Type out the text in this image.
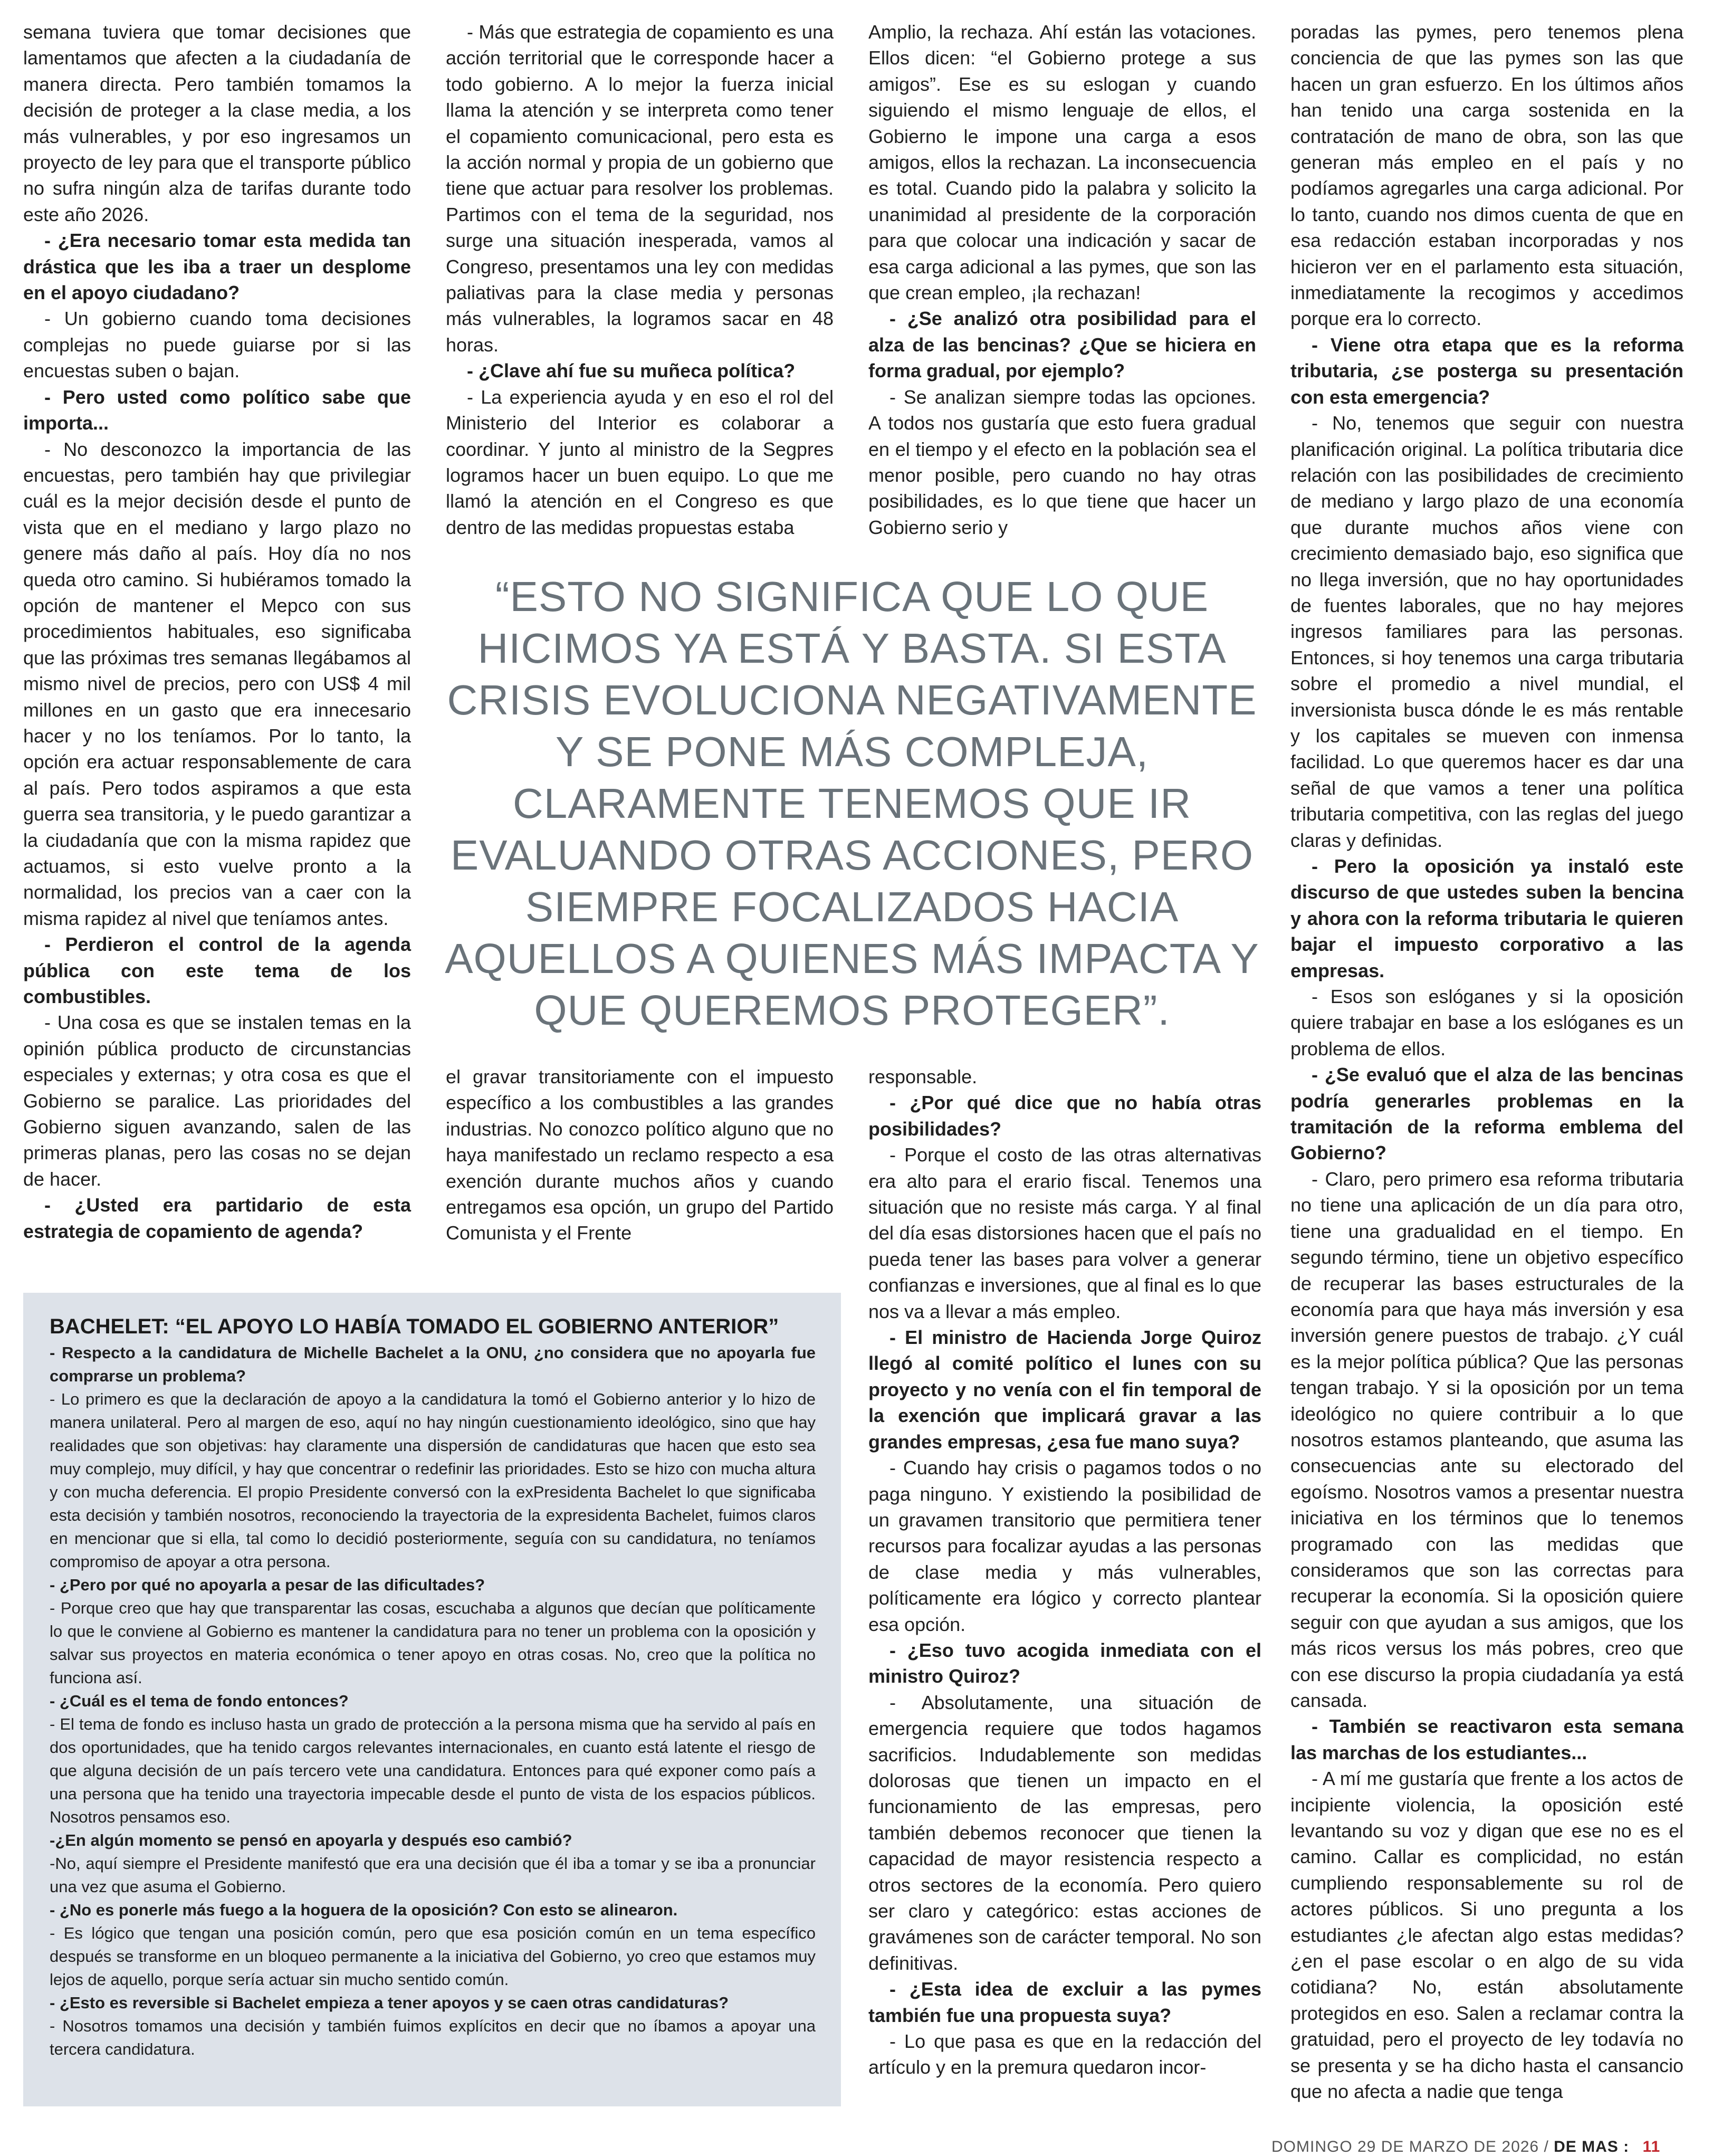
semana tuviera que tomar decisiones que lamentamos que afecten a la ciudadanía de manera directa. Pero también tomamos la decisión de proteger a la clase media, a los más vulnerables, y por eso ingresamos un proyecto de ley para que el transporte público no sufra ningún alza de tarifas durante todo este año 2026.

- ¿Era necesario tomar esta medida tan drástica que les iba a traer un desplome en el apoyo ciudadano?

- Un gobierno cuando toma decisiones complejas no puede guiarse por si las encuestas suben o bajan.

- Pero usted como político sabe que importa...

- No desconozco la importancia de las encuestas, pero también hay que privilegiar cuál es la mejor decisión desde el punto de vista que en el mediano y largo plazo no genere más daño al país. Hoy día no nos queda otro camino. Si hubiéramos tomado la opción de mantener el Mepco con sus procedimientos habituales, eso significaba que las próximas tres semanas llegábamos al mismo nivel de precios, pero con US$ 4 mil millones en un gasto que era innecesario hacer y no los teníamos. Por lo tanto, la opción era actuar responsablemente de cara al país. Pero todos aspiramos a que esta guerra sea transitoria, y le puedo garantizar a la ciudadanía que con la misma rapidez que actuamos, si esto vuelve pronto a la normalidad, los precios van a caer con la misma rapidez al nivel que teníamos antes.

- Perdieron el control de la agenda pública con este tema de los combustibles.

- Una cosa es que se instalen temas en la opinión pública producto de circunstancias especiales y externas; y otra cosa es que el Gobierno se paralice. Las prioridades del Gobierno siguen avanzando, salen de las primeras planas, pero las cosas no se dejan de hacer.

- ¿Usted era partidario de esta estrategia de copamiento de agenda?

- Más que estrategia de copamiento es una acción territorial que le corresponde hacer a todo gobierno. A lo mejor la fuerza inicial llama la atención y se interpreta como tener el copamiento comunicacional, pero esta es la acción normal y propia de un gobierno que tiene que actuar para resolver los problemas. Partimos con el tema de la seguridad, nos surge una situación inesperada, vamos al Congreso, presentamos una ley con medidas paliativas para la clase media y personas más vulnerables, la logramos sacar en 48 horas.

- ¿Clave ahí fue su muñeca política?

- La experiencia ayuda y en eso el rol del Ministerio del Interior es colaborar a coordinar. Y junto al ministro de la Segpres logramos hacer un buen equipo. Lo que me llamó la atención en el Congreso es que dentro de las medidas propuestas estaba

Amplio, la rechaza. Ahí están las votaciones. Ellos dicen: “el Gobierno protege a sus amigos”. Ese es su eslogan y cuando siguiendo el mismo lenguaje de ellos, el Gobierno le impone una carga a esos amigos, ellos la rechazan. La inconsecuencia es total. Cuando pido la palabra y solicito la unanimidad al presidente de la corporación para que colocar una indicación y sacar de esa carga adicional a las pymes, que son las que crean empleo, ¡la rechazan!

- ¿Se analizó otra posibilidad para el alza de las bencinas? ¿Que se hiciera en forma gradual, por ejemplo?

- Se analizan siempre todas las opciones. A todos nos gustaría que esto fuera gradual en el tiempo y el efecto en la población sea el menor posible, pero cuando no hay otras posibilidades, es lo que tiene que hacer un Gobierno serio y

poradas las pymes, pero tenemos plena conciencia de que las pymes son las que hacen un gran esfuerzo. En los últimos años han tenido una carga sostenida en la contratación de mano de obra, son las que generan más empleo en el país y no podíamos agregarles una carga adicional. Por lo tanto, cuando nos dimos cuenta de que en esa redacción estaban incorporadas y nos hicieron ver en el parlamento esta situación, inmediatamente la recogimos y accedimos porque era lo correcto.

- Viene otra etapa que es la reforma tributaria, ¿se posterga su presentación con esta emergencia?

- No, tenemos que seguir con nuestra planificación original. La política tributaria dice relación con las posibilidades de crecimiento de mediano y largo plazo de una economía que durante muchos años viene con crecimiento demasiado bajo, eso significa que no llega inversión, que no hay oportunidades de fuentes laborales, que no hay mejores ingresos familiares para las personas. Entonces, si hoy tenemos una carga tributaria sobre el promedio a nivel mundial, el inversionista busca dónde le es más rentable y los capitales se mueven con inmensa facilidad. Lo que queremos hacer es dar una señal de que vamos a tener una política tributaria competitiva, con las reglas del juego claras y definidas.

- Pero la oposición ya instaló este discurso de que ustedes suben la bencina y ahora con la reforma tributaria le quieren bajar el impuesto corporativo a las empresas.

- Esos son eslóganes y si la oposición quiere trabajar en base a los eslóganes es un problema de ellos.

- ¿Se evaluó que el alza de las bencinas podría generarles problemas en la tramitación de la reforma emblema del Gobierno?

- Claro, pero primero esa reforma tributaria no tiene una aplicación de un día para otro, tiene una gradualidad en el tiempo. En segundo término, tiene un objetivo específico de recuperar las bases estructurales de la economía para que haya más inversión y esa inversión genere puestos de trabajo. ¿Y cuál es la mejor política pública? Que las personas tengan trabajo. Y si la oposición por un tema ideológico no quiere contribuir a lo que nosotros estamos planteando, que asuma las consecuencias ante su electorado del egoísmo. Nosotros vamos a presentar nuestra iniciativa en los términos que lo tenemos programado con las medidas que consideramos que son las correctas para recuperar la economía. Si la oposición quiere seguir con que ayudan a sus amigos, que los más ricos versus los más pobres, creo que con ese discurso la propia ciudadanía ya está cansada.

- También se reactivaron esta semana las marchas de los estudiantes...

- A mí me gustaría que frente a los actos de incipiente violencia, la oposición esté levantando su voz y digan que ese no es el camino. Callar es complicidad, no están cumpliendo responsablemente su rol de actores públicos. Si uno pregunta a los estudiantes ¿le afectan algo estas medidas? ¿en el pase escolar o en algo de su vida cotidiana? No, están absolutamente protegidos en eso. Salen a reclamar contra la gratuidad, pero el proyecto de ley todavía no se presenta y se ha dicho hasta el cansancio que no afecta a nadie que tenga

“ESTO NO SIGNIFICA QUE LO QUE HICIMOS YA ESTÁ Y BASTA. SI ESTA CRISIS EVOLUCIONA NEGATIVAMENTE Y SE PONE MÁS COMPLEJA, CLARAMENTE TENEMOS QUE IR EVALUANDO OTRAS ACCIONES, PERO SIEMPRE FOCALIZADOS HACIA AQUELLOS A QUIENES MÁS IMPACTA Y QUE QUEREMOS PROTEGER”.

el gravar transitoriamente con el impuesto específico a los combustibles a las grandes industrias. No conozco político alguno que no haya manifestado un reclamo respecto a esa exención durante muchos años y cuando entregamos esa opción, un grupo del Partido Comunista y el Frente

responsable.

- ¿Por qué dice que no había otras posibilidades?

- Porque el costo de las otras alternativas era alto para el erario fiscal. Tenemos una situación que no resiste más carga. Y al final del día esas distorsiones hacen que el país no pueda tener las bases para volver a generar confianzas e inversiones, que al final es lo que nos va a llevar a más empleo.

- El ministro de Hacienda Jorge Quiroz llegó al comité político el lunes con su proyecto y no venía con el fin temporal de la exención que implicará gravar a las grandes empresas, ¿esa fue mano suya?

- Cuando hay crisis o pagamos todos o no paga ninguno. Y existiendo la posibilidad de un gravamen transitorio que permitiera tener recursos para focalizar ayudas a las personas de clase media y más vulnerables, políticamente era lógico y correcto plantear esa opción.

- ¿Eso tuvo acogida inmediata con el ministro Quiroz?

- Absolutamente, una situación de emergencia requiere que todos hagamos sacrificios. Indudablemente son medidas dolorosas que tienen un impacto en el funcionamiento de las empresas, pero también debemos reconocer que tienen la capacidad de mayor resistencia respecto a otros sectores de la economía. Pero quiero ser claro y categórico: estas acciones de gravámenes son de carácter temporal. No son definitivas.

- ¿Esta idea de excluir a las pymes también fue una propuesta suya?

- Lo que pasa es que en la redacción del artículo y en la premura quedaron incor-

BACHELET: “EL APOYO LO HABÍA TOMADO EL GOBIERNO ANTERIOR”

- Respecto a la candidatura de Michelle Bachelet a la ONU, ¿no considera que no apoyarla fue comprarse un problema?

- Lo primero es que la declaración de apoyo a la candidatura la tomó el Gobierno anterior y lo hizo de manera unilateral. Pero al margen de eso, aquí no hay ningún cuestionamiento ideológico, sino que hay realidades que son objetivas: hay claramente una dispersión de candidaturas que hacen que esto sea muy complejo, muy difícil, y hay que concentrar o redefinir las prioridades. Esto se hizo con mucha altura y con mucha deferencia. El propio Presidente conversó con la exPresidenta Bachelet lo que significaba esta decisión y también nosotros, reconociendo la trayectoria de la expresidenta Bachelet, fuimos claros en mencionar que si ella, tal como lo decidió posteriormente, seguía con su candidatura, no teníamos compromiso de apoyar a otra persona.

- ¿Pero por qué no apoyarla a pesar de las dificultades?

- Porque creo que hay que transparentar las cosas, escuchaba a algunos que decían que políticamente lo que le conviene al Gobierno es mantener la candidatura para no tener un problema con la oposición y salvar sus proyectos en materia económica o tener apoyo en otras cosas. No, creo que la política no funciona así.

- ¿Cuál es el tema de fondo entonces?

- El tema de fondo es incluso hasta un grado de protección a la persona misma que ha servido al país en dos oportunidades, que ha tenido cargos relevantes internacionales, en cuanto está latente el riesgo de que alguna decisión de un país tercero vete una candidatura. Entonces para qué exponer como país a una persona que ha tenido una trayectoria impecable desde el punto de vista de los espacios públicos. Nosotros pensamos eso.

-¿En algún momento se pensó en apoyarla y después eso cambió?

-No, aquí siempre el Presidente manifestó que era una decisión que él iba a tomar y se iba a pronunciar una vez que asuma el Gobierno.

- ¿No es ponerle más fuego a la hoguera de la oposición? Con esto se alinearon.

- Es lógico que tengan una posición común, pero que esa posición común en un tema específico después se transforme en un bloqueo permanente a la iniciativa del Gobierno, yo creo que estamos muy lejos de aquello, porque sería actuar sin mucho sentido común.

- ¿Esto es reversible si Bachelet empieza a tener apoyos y se caen otras candidaturas?

- Nosotros tomamos una decisión y también fuimos explícitos en decir que no íbamos a apoyar una tercera candidatura.

DOMINGO 29 DE MARZO DE 2026 / DE MAS : 11
